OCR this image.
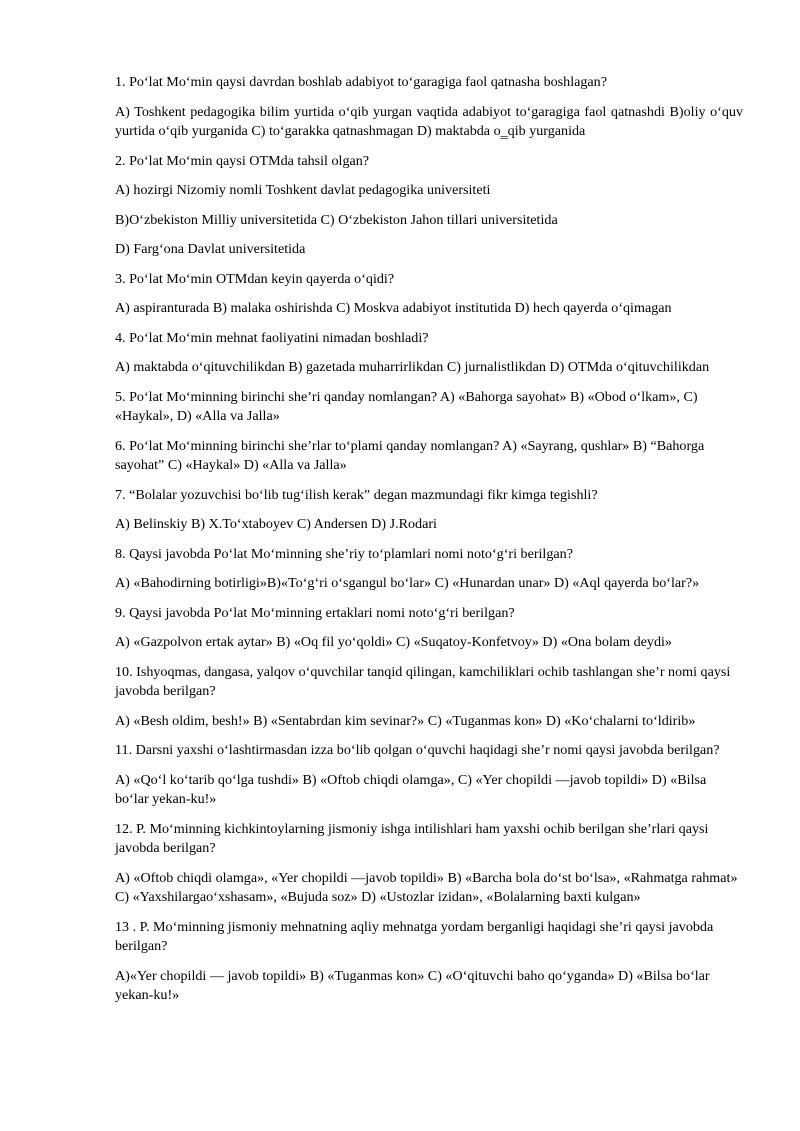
1. Po‘lat Mo‘min qaysi davrdan boshlab adabiyot to‘garagiga faol qatnasha boshlagan?

A) Toshkent pedagogika bilim yurtida o‘qib yurgan vaqtida adabiyot to‘garagiga faol qatnashdi B)oliy o‘quv yurtida o‘qib yurganida C) to‘garakka qatnashmagan D) maktabda o‗qib yurganida

2. Po‘lat Mo‘min qaysi OTMda tahsil olgan?

A) hozirgi Nizomiy nomli Toshkent davlat pedagogika universiteti

B)O‘zbekiston Milliy universitetida C) O‘zbekiston Jahon tillari universitetida

D) Farg‘ona Davlat universitetida

3. Po‘lat Mo‘min OTMdan keyin qayerda o‘qidi?

A) aspiranturada B) malaka oshirishda C) Moskva adabiyot institutida D) hech qayerda o‘qimagan

4. Po‘lat Mo‘min mehnat faoliyatini nimadan boshladi?

A) maktabda o‘qituvchilikdan B) gazetada muharrirlikdan C) jurnalistlikdan D) OTMda o‘qituvchilikdan

5. Po‘lat Mo‘minning birinchi she’ri qanday nomlangan? A) «Bahorga sayohat» B) «Obod o‘lkam», C) «Haykal», D) «Alla va Jalla»

6. Po‘lat Mo‘minning birinchi she’rlar to‘plami qanday nomlangan? A) «Sayrang, qushlar» B) “Bahorga sayohat” C) «Haykal» D) «Alla va Jalla»

7. “Bolalar yozuvchisi bo‘lib tug‘ilish kerak” degan mazmundagi fikr kimga tegishli?

A) Belinskiy B) X.To‘xtaboyev C) Andersen D) J.Rodari

8. Qaysi javobda Po‘lat Mo‘minning she’riy to‘plamlari nomi noto‘g‘ri berilgan?

A) «Bahodirning botirligi»B)«To‘g‘ri o‘sgangul bo‘lar» C) «Hunardan unar» D) «Aql qayerda bo‘lar?»

9. Qaysi javobda Po‘lat Mo‘minning ertaklari nomi noto‘g‘ri berilgan?

A) «Gazpolvon ertak aytar» B) «Oq fil yo‘qoldi» C) «Suqatoy-Konfetvoy» D) «Ona bolam deydi»

10. Ishyoqmas, dangasa, yalqov o‘quvchilar tanqid qilingan, kamchiliklari ochib tashlangan she’r nomi qaysi javobda berilgan?

A) «Besh oldim, besh!» B) «Sentabrdan kim sevinar?» C) «Tuganmas kon» D) «Ko‘chalarni to‘ldirib»

11. Darsni yaxshi o‘lashtirmasdan izza bo‘lib qolgan o‘quvchi haqidagi she’r nomi qaysi javobda berilgan?

A) «Qo‘l ko‘tarib qo‘lga tushdi» B) «Oftob chiqdi olamga», C) «Yer chopildi —javob topildi» D) «Bilsa bo‘lar yekan-ku!»

12. P. Mo‘minning kichkintoylarning jismoniy ishga intilishlari ham yaxshi ochib berilgan she’rlari qaysi javobda berilgan?

A) «Oftob chiqdi olamga», «Yer chopildi —javob topildi» B) «Barcha bola do‘st bo‘lsa», «Rahmatga rahmat» C) «Yaxshilargao‘xshasam», «Bujuda soz» D) «Ustozlar izidan», «Bolalarning baxti kulgan»

13 . P. Mo‘minning jismoniy mehnatning aqliy mehnatga yordam berganligi haqidagi she’ri qaysi javobda berilgan?

A)«Yer chopildi — javob topildi» B) «Tuganmas kon» C) «O‘qituvchi baho qo‘yganda» D) «Bilsa bo‘lar yekan-ku!»
